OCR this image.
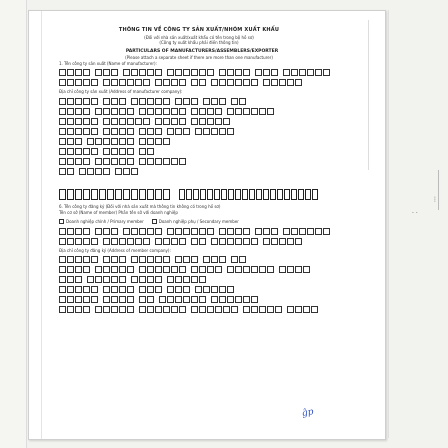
THÔNG TIN VỀ CÔNG TY SẢN XUẤT/NHÓM XUẤT KHẨU
(Đối với nhà sản xuất/xuất khẩu có tên trong bộ hồ sơ)
(Công ty xuất khẩu phải điền thông tin)
PARTICULARS OF MANUFACTURERS/ASSEMBLERS/EXPORTER
(Please attach a separate sheet if there are more than one manufacturer)
1. Tên công ty sản xuất (Name of manufacturer):
Địa chỉ công ty sản xuất (Address of manufacturer company):
6. Tên công ty đăng ký (Đối với nhà sản xuất mà thông tin không có trong hồ sơ)
Tên cơ sở (Name of member) Phần tên sở với doanh nghiệp
Doanh nghiệp chính / Primary member	Doanh nghiệp phụ / Secondary member
Địa chỉ công ty đăng ký (Address of member company):
ĝp
⋮
· ·
